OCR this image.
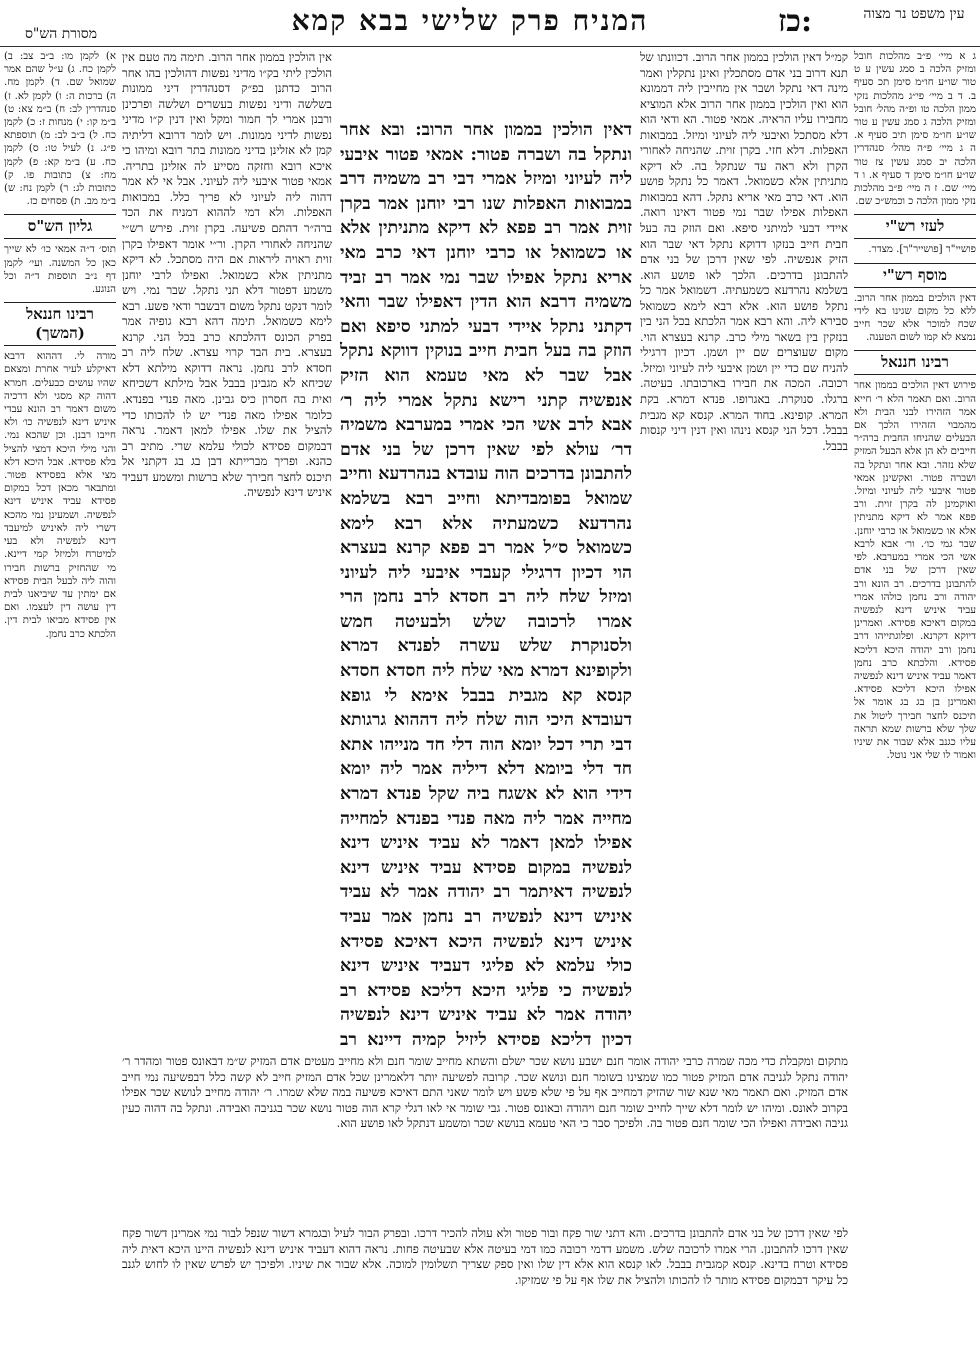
מסורת הש"ס	המניח פרק שלישי בבא קמא	כז:	עין משפט נר מצוה
ג א מיי׳ פ״ב מהלכות חובל ומזיק הלכה ב סמג עשין ע ט טור שו״ע חו״מ סימן תכ סעיף ב. ד ב מיי׳ פי״ג מהלכות נזקי ממון הלכה טו ופ״ה מהל׳ חובל ומזיק הלכה ג סמג עשין ע טור שו״ע חו״מ סימן תיב סעיף א. ה ג מיי׳ פ״ה מהל׳ סנהדרין הלכה יב סמג עשין צז טור שו״ע חו״מ סימן ד סעיף א. ו ד מיי׳ שם. ז ה מיי׳ פ״ב מהלכות נזקי ממון הלכה כ וכמש״כ שם.
לעזי רש"י
פושיי"ר [פושייר"ר]. מצדר.
מוסף רש"י
דאין הולכים בממון אחר הרוב. ללא כל מקום שגינו בא לידי שכח למוכר אלא שכר חייב נמצא לא קמו לשום הטענה.
רבינו חננאל
פירוש דאין הולכים בממון אחר הרוב. ואם תאמר הלא ר׳ חייא אמר הזהירו לבני הבית ולא מהמבוי הזהירו הלכך אם הבעלים שהניחו החבית ברה״ר חייבים לא הן אלא הבעל המזיק שלא נזהר. ובא אחר ונתקל בה ושברה פטור. ואקשינן אמאי פטור איבעי ליה לעיוני ומיזל. ואוקמינן לה בקרן זוית. ורב פפא אמר לא דיקא מתניתין אלא או כשמואל או כרבי יוחנן. שבר גמי כו׳. ור׳ אבא לרבא אשי הכי אמרי במערבא. לפי שאין דרכן של בני אדם להתבונן בדרכים. רב הונא ורב יהודה ורב נחמן כולהו אמרי עביד איניש דינא לנפשיה במקום דאיכא פסידא. ואמרינן דיוקא דקרנא. ופלוגתייהו דרב נחמן ורב יהודה היכא דליכא פסידא. והלכתא כרב נחמן דאמר עביד איניש דינא לנפשיה אפילו היכא דליכא פסידא. ואמרינן בן בג בג אומר אל תיכנס לחצר חבירך ליטול את שלך שלא ברשות שמא תראה עליו כגנב אלא שבור את שיניו ואמור לו שלי אני נוטל.
א) לקמן מו: ב״ב צב: ב) לקמן כח. ג) ע״ל שהם אמר שמואל שם. ד) לקמן מח. ה) ברכות ה: ו) לקמן לא. ז) סנהדרין לב: ח) ב״מ צא: ט) ב״מ קו: י) מנחות ז: כ) לקמן כח. ל) ב״ב לב: מ) תוספתא פ״ג. נ) לעיל טו: ס) לקמן כח. ע) ב״מ קא: פ) לקמן מח: צ) כתובות פו. ק) כתובות לג: ר) לקמן נח: ש) ב״מ מב. ת) פסחים כז.
גליון הש"ס
תוס׳ ד״ה אמאי כו׳ לא שייך כאן כל המשנה. ועי׳ לקמן דף נ״ב תוספות ד״ה וכל הנוגע.
רבינו חננאל (המשך)
מורה לי. דההוא דרבא דאיקלע לעיר אחרת ומצאם שהיו עושים כבעלים. חמרא דהוה קא מסגי ולא דרכיה משום דאמר רב הונא עבדי איניש דינא לנפשיה כו׳ ולא חייבו רבנן. וכן שהכא נמי. והני מילי היכא דמצי להציל בלא פסידא. אבל היכא דלא מצי אלא בפסידא פטור. ומתבאר מכאן דכל במקום פסידא עביד איניש דינא לנפשיה. ושמעינן נמי מהכא דשרי ליה לאיניש למיעבד דינא לנפשיה ולא בעי למיטרח ולמיזל קמי דיינא. מי שהחזיק ברשות חבירו והוה ליה לבעל הבית פסידא אם ימתין עד שיביאנו לבית דין עושה דין לעצמו. ואם אין פסידא מביאו לבית דין. הלכתא כרב נחמן.
קמ״ל דאין הולכין בממון אחר הרוב. דכוונתו של תנא דרוב בני אדם מסתכלין ואינן נתקלין ואמר מינה דאי נתקל ושבר אין מחייבין ליה דממונא הוא ואין הולכין בממון אחר הרוב אלא המוציא מחבירו עליו הראיה. אמאי פטור. הא ודאי הוא דלא מסתכל ואיבעי ליה לעיוני ומיזל. במבואות האפלות. דלא חזי. בקרן זוית. שהניחה לאחורי הקרן ולא ראה עד שנתקל בה. לא דיקא מתניתין אלא כשמואל. דאמר כל נתקל פושע הוא. דאי כרב מאי אריא נתקל. דהא במבואות האפלות אפילו שבר נמי פטור דאינו רואה. איידי דבעי למיתני סיפא. ואם הוזק בה בעל חבית חייב בנזקו דדוקא נתקל דאי שבר הוא הזיק אנפשיה. לפי שאין דרכן של בני אדם להתבונן בדרכים. הלכך לאו פושע הוא. בשלמא נהרדעא כשמעתיה. דשמואל אמר כל נתקל פושע הוא. אלא רבא לימא כשמואל סבירא ליה. והא רבא אמר הלכתא בכל הני בין בנזקין בין בשאר מילי כרב. קרנא בעצרא הוי. מקום שעוצרים שם יין ושמן. דכיון דרגילי להניח שם כדי יין ושמן איבעי ליה לעיוני ומיזל. רכובה. המכה את חבירו בארכובתו. בעיטה. ברגלו. סנוקרת. באגרופו. פנדא דמרא. בקת המרא. קופינא. בחוד המרא. קנסא קא מגבית בבבל. דכל הני קנסא נינהו ואין דנין דיני קנסות בבבל.
אין הולכין בממון אחר הרוב. תימה מה טעם אין הולכין ליתי בק״ו מדיני נפשות דהולכין בהו אחר הרוב כדתנן בפ״ק דסנהדרין דיני ממונות בשלשה ודיני נפשות בעשרים ושלשה ופרכינן ורבנן אמרי לך חמור ומקל ואין דנין ק״ו מדיני נפשות לדיני ממונות. ויש לומר דרובא דליתיה קמן לא אזלינן בדיני ממונות בתר רובא ומיהו כי איכא רובא וחזקה מסייע לה אזלינן בתריה. אמאי פטור איבעי ליה לעיוני. אבל אי לא אמר דהוה ליה לעיוני לא פריך כלל. במבואות האפלות. ולא דמי לההוא דמניח את הכד ברה״ר דהתם פשיעה. בקרן זוית. פירש רש״י שהניחה לאחורי הקרן. ור״י אומר דאפילו בקרן זוית ראויה ליראות אם היה מסתכל. לא דיקא מתניתין אלא כשמואל. ואפילו לרבי יוחנן משמע דפטור דלא תני נתקל. שבר נמי. ויש לומר דנקט נתקל משום דבשבר ודאי פשע. רבא לימא כשמואל. תימה דהא רבא גופיה אמר בפרק הכונס דהלכתא כרב בכל הני. קרנא בעצרא. בית הבד קרוי עצרא. שלח ליה רב חסדא לרב נחמן. נראה דדוקא מילתא דלא שכיחא לא מגבינן בבבל אבל מילתא דשכיחא ואית בה חסרון כיס גבינן. מאה פנדי בפנדא. כלומר אפילו מאה פנדי יש לו להכותו כדי להציל את שלו. אפילו למאן דאמר. נראה דבמקום פסידא לכולי עלמא שרי. מתיב רב כהנא. ופריך מברייתא דבן בג בג דקתני אל תיכנס לחצר חבירך שלא ברשות ומשמע דעביד איניש דינא לנפשיה.
דאין הולכין בממון אחר הרוב: ובא אחר ונתקל בה ושברה פטור: אמאי פטור איבעי ליה לעיוני ומיזל אמרי דבי רב משמיה דרב במבואות האפלות שנו רבי יוחנן אמר בקרן זוית אמר רב פפא לא דיקא מתניתין אלא או כשמואל או כרבי יוחנן דאי כרב מאי אריא נתקל אפילו שבר נמי אמר רב זביד משמיה דרבא הוא הדין דאפילו שבר והאי דקתני נתקל איידי דבעי למתני סיפא ואם הוזק בה בעל חבית חייב בנוקין דווקא נתקל אבל שבר לא מאי טעמא הוא הזיק אנפשיה קתני רישא נתקל אמרי ליה ר׳ אבא לרב אשי הכי אמרי במערבא משמיה דר׳ עולא לפי שאין דרכן של בני אדם להתבונן בדרכים הוה עובדא בנהרדעא וחייב שמואל בפומבדיתא וחייב רבא בשלמא נהרדעא כשמעתיה אלא רבא לימא כשמואל ס״ל אמר רב פפא קרנא בעצרא הוי דכיון דרגילי קעבדי איבעי ליה לעיוני ומיזל שלח ליה רב חסדא לרב נחמן הרי אמרו לרכובה שלש ולבעיטה חמש ולסנוקרת שלש עשרה לפנדא דמרא ולקופינא דמרא מאי שלח ליה חסדא חסדא קנסא קא מגבית בבבל אימא לי גופא דעובדא היכי הוה שלח ליה דההוא גרגותא דבי תרי דכל יומא הוה דלי חד מנייהו אתא חד דלי ביומא דלא דיליה אמר ליה יומא דידי הוא לא אשגח ביה שקל פנדא דמרא מחייה אמר ליה מאה פנדי בפנדא למחייה אפילו למאן דאמר לא עביד איניש דינא לנפשיה במקום פסידא עביד איניש דינא לנפשיה דאיתמר רב יהודה אמר לא עביד איניש דינא לנפשיה רב נחמן אמר עביד איניש דינא לנפשיה היכא דאיכא פסידא כולי עלמא לא פליגי דעביד איניש דינא לנפשיה כי פליגי היכא דליכא פסידא רב יהודה אמר לא עביד איניש דינא לנפשיה דכיון דליכא פסידא ליזיל קמיה דיינא רב
מתקום ומקבלת כדי מכה שמרה כרבי יהודה אומר חנם ישבע נושא שכר ישלם והשתא מחייב שומר חנם ולא מחייב מעטים אדם המזיק ש״מ דבאונס פטור ומהדר ר׳ יהודה נתקל לגניבה אדם המזיק פטור כמו שמצינו בשומר חנם ונושא שכר. קרובה לפשיעה יותר דלאמרינן שכל אדם המזיק חייב לא קשה כלל דבפשיעה נמי חייב אדם המזיק. ואם תאמר מאי שנא שור שהזיק דמחייב אף על פי שלא פשע ויש לומר שאני התם דאיכא פשיעה במה שלא שמרו. ר׳ יהודה מחייב לנושא שכר אפילו בקרוב לאונס. ומיהו יש לומר דלא שייך לחייב שומר חנם ויהודה ובאונס פטור. גבי שומר אי לאו דגלי קרא הוה פטור נושא שכר בגניבה ואבידה. ונתקל בה דהוה כעין גניבה ואבידה ואפילו הכי שומר חנם פטור בה. ולפיכך סבר כי האי טעמא בנושא שכר ומשמע דנתקל לאו פושע הוא.
לפי שאין דרכן של בני אדם להתבונן בדרכים. והא דתני שור פקח ובור פטור ולא עולה להכיר דרכו. ובפרק הבור לעיל ובגמרא דשור שנפל לבור נמי אמרינן דשור פקח שאין דרכו להתבונן. הרי אמרו לרכובה שלש. משמע דדמי רכובה כמו דמי בעיטה אלא שבעיטה פחות. נראה דהוא דעביד איניש דינא לנפשיה היינו היכא דאית ליה פסידא וטרח בדינא. קנסא קמגבית בבבל. לאו קנסא הוא אלא דין שלו ואין ספק שצריך תשלומין למוכה. אלא שבור את שיניו. ולפיכך יש לפרש שאין לו לחוש לגנב כל עיקר דבמקום פסידא מותר לו להכותו ולהציל את שלו אף על פי שמזיקו.
